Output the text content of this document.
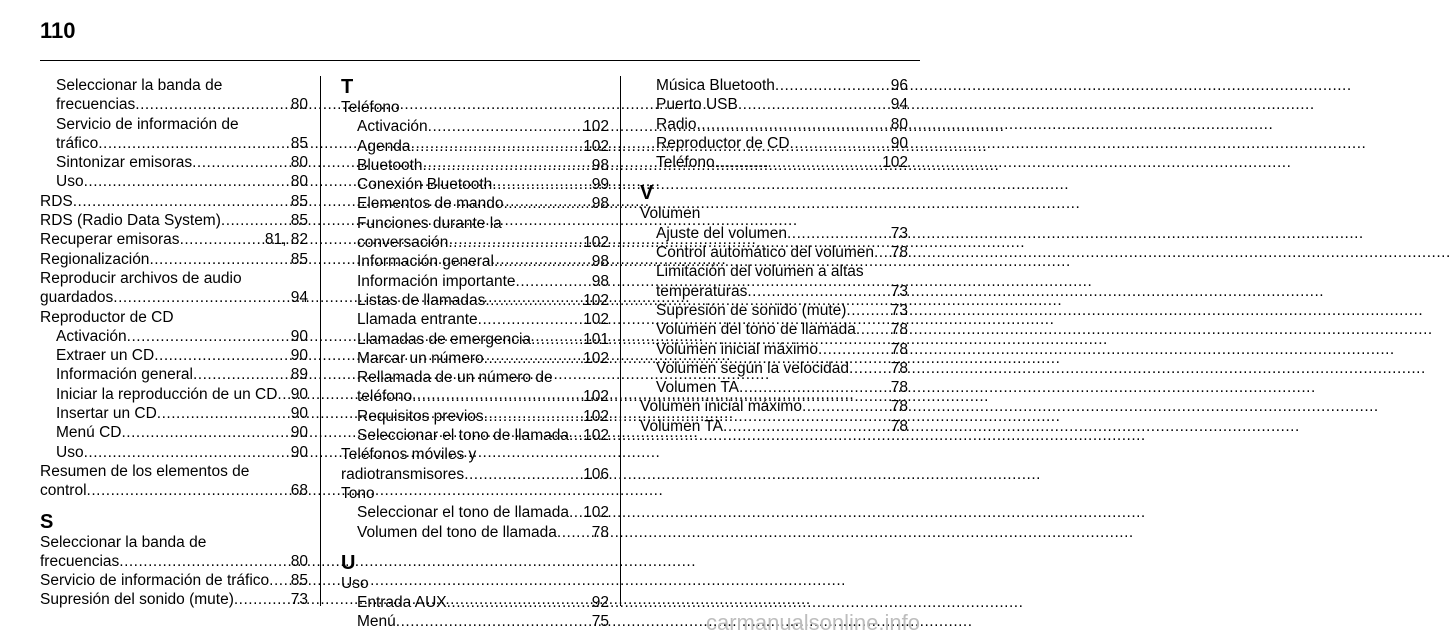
110
Seleccionar la banda de
frecuencias .....	80
Servicio de información de
tráfico .....	85
Sintonizar emisoras .....	80
Uso .....	80
RDS .....	85
RDS (Radio Data System) .....	85
Recuperar emisoras .....	81, 82
Regionalización .....	85
Reproducir archivos de audio
guardados .....	94
Reproductor de CD
Activación .....	90
Extraer un CD .....	90
Información general .....	89
Iniciar la reproducción de un CD ..... 90
Insertar un CD .....	90
Menú CD .....	90
Uso .....	90
Resumen de los elementos de
control .....	68
S
Seleccionar la banda de
frecuencias .....	80
Servicio de información de tráfico ..... 85
Supresión del sonido (mute) .....	73
T
Teléfono
Activación .....	102
Agenda .....	102
Bluetooth .....	98
Conexión Bluetooth .....	99
Elementos de mando .....	98
Funciones durante la
conversación .....	102
Información general .....	98
Información importante .....	98
Listas de llamadas .....	102
Llamada entrante .....	102
Llamadas de emergencia .....	101
Marcar un número .....	102
Rellamada de un número de
teléfono .....	102
Requisitos previos .....	102
Seleccionar el tono de llamada ..... 102
Teléfonos móviles y
radiotransmisores .....	106
Tono
Seleccionar el tono de llamada ..... 102
Volumen del tono de llamada ..... 78
U
Uso
Entrada AUX .....	92
Menú .....	75
Música Bluetooth .....	96
Puerto USB .....	94
Radio .....	80
Reproductor de CD .....	90
Teléfono .....	102
V
Volumen
Ajuste del volumen .....	73
Control automático del volumen ..... 78
Limitación del volumen a altas
temperaturas .....	73
Supresión de sonido (mute) .....	73
Volumen del tono de llamada ..... 78
Volumen inicial máximo .....	78
Volumen según la velocidad .....	78
Volumen TA .....	78
Volumen inicial máximo .....	78
Volumen TA .....	78
carmanualsonline.info
